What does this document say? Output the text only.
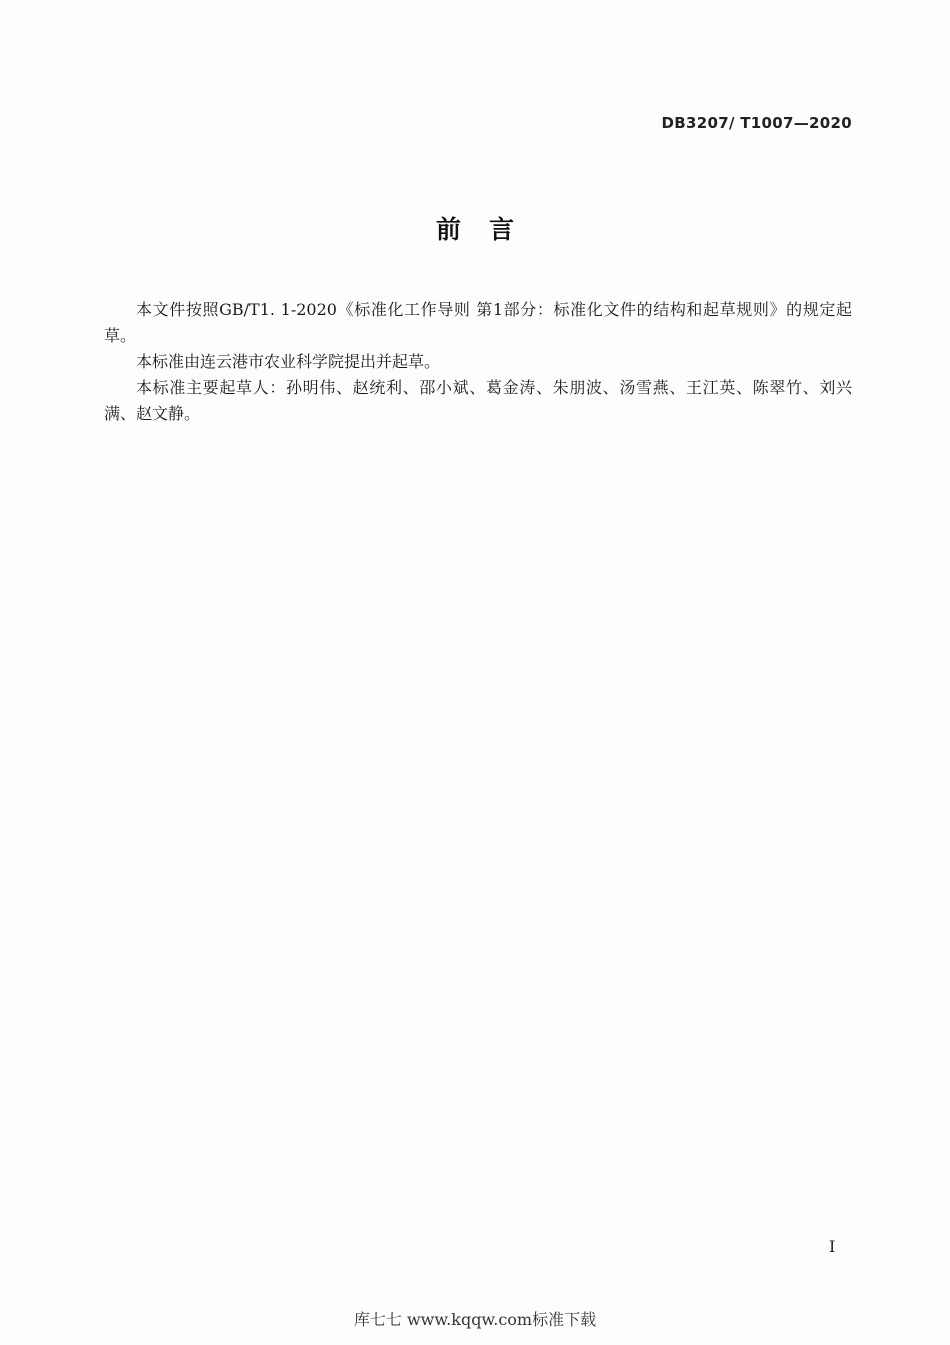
DB3207/ T1007—2020
前言

本文件按照GB/T1. 1-2020《标准化工作导则 第1部分：标准化文件的结构和起草规则》的规定起草。

本标准由连云港市农业科学院提出并起草。

本标准主要起草人：孙明伟、赵统利、邵小斌、葛金涛、朱朋波、汤雪燕、王江英、陈翠竹、刘兴满、赵文静。

I
库七七 www.kqqw.com标准下载
